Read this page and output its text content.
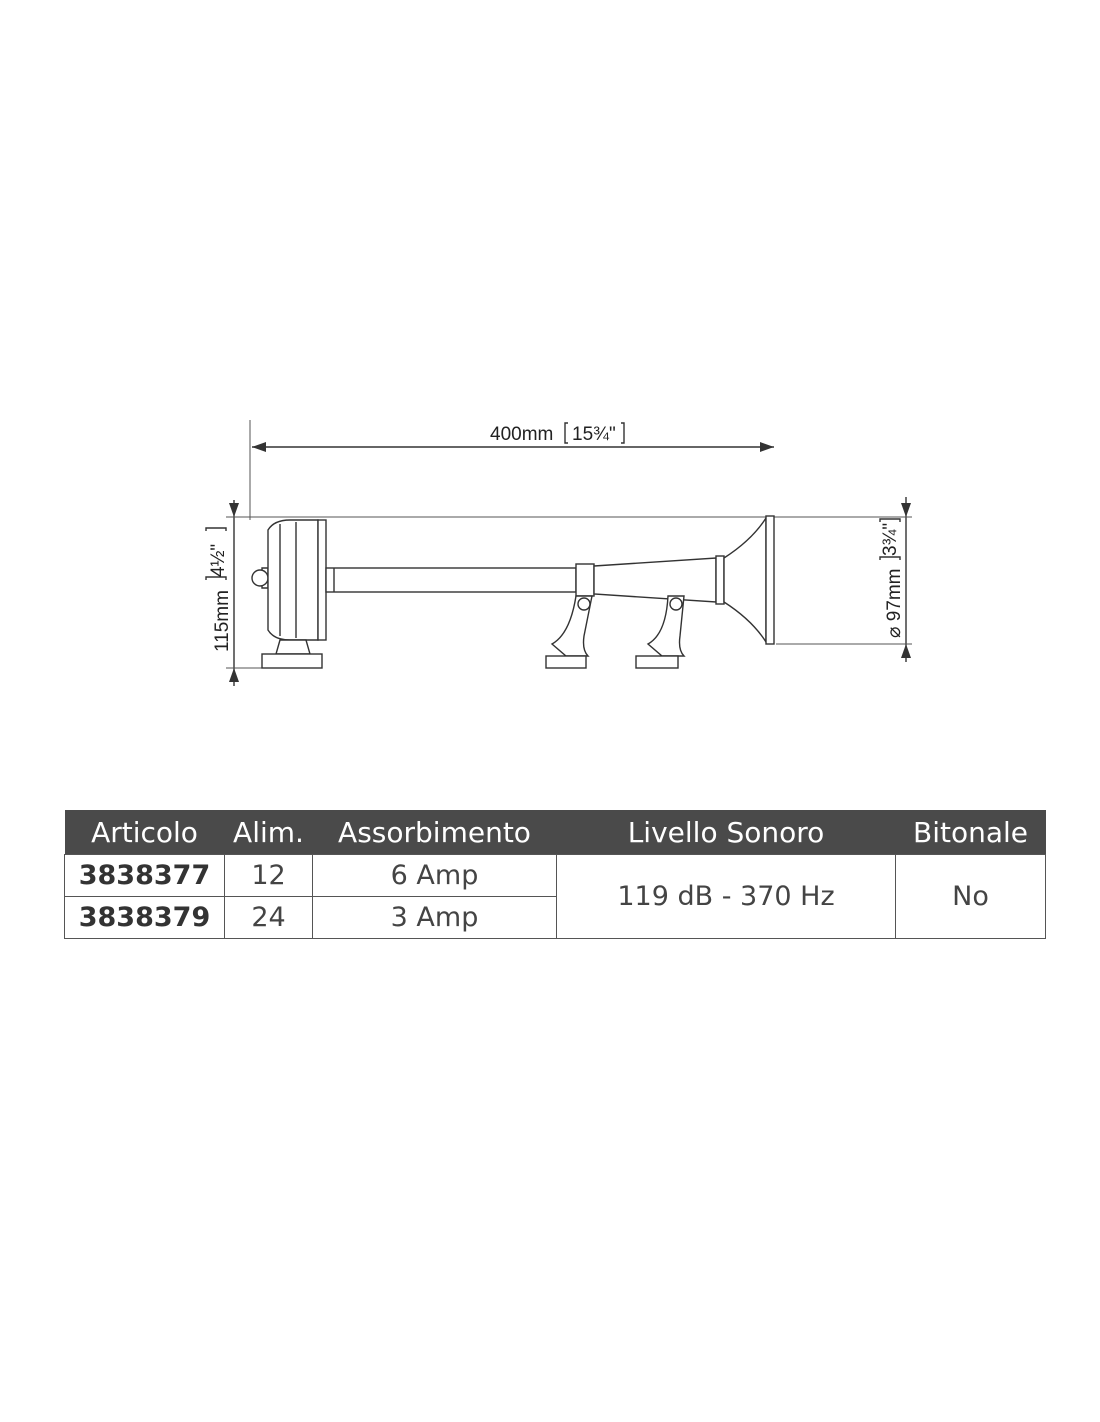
400mm 15¾"
115mm
4½"
⌀ 97mm
3¾"
Articolo	Alim.	Assorbimento	Livello Sonoro	Bitonale
3838377	12	6 Amp	119 dB - 370 Hz	No
3838379	24	3 Amp		
